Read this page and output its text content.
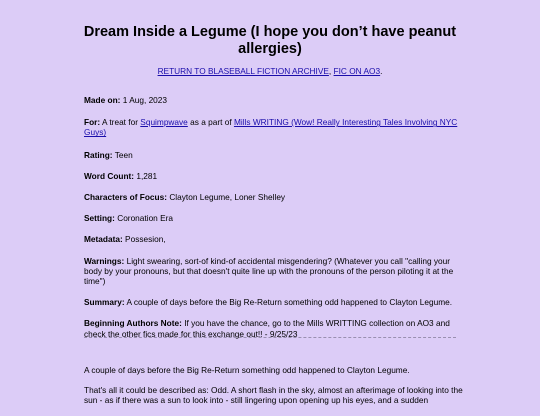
Dream Inside a Legume (I hope you don’t have peanut allergies)
RETURN TO BLASEBALL FICTION ARCHIVE, FIC ON AO3.

Made on: 1 Aug, 2023

For: A treat for Squimpwave as a part of Mills WRITING (Wow! Really Interesting Tales Involving NYC Guys)

Rating: Teen

Word Count: 1,281

Characters of Focus: Clayton Legume, Loner Shelley

Setting: Coronation Era

Metadata: Possesion,

Warnings: Light swearing, sort-of kind-of accidental misgendering? (Whatever you call "calling your body by your pronouns, but that doesn't quite line up with the pronouns of the person piloting it at the time")

Summary: A couple of days before the Big Re-Return something odd happened to Clayton Legume.

Beginning Authors Note: If you have the chance, go to the Mills WRITTING collection on AO3 and check the other fics made for this exchange out!! - 9/25/23

A couple of days before the Big Re-Return something odd happened to Clayton Legume.

That's all it could be described as: Odd. A short flash in the sky, almost an afterimage of looking into the sun - as if there was a sun to look into - still lingering upon opening up his eyes, and a sudden
